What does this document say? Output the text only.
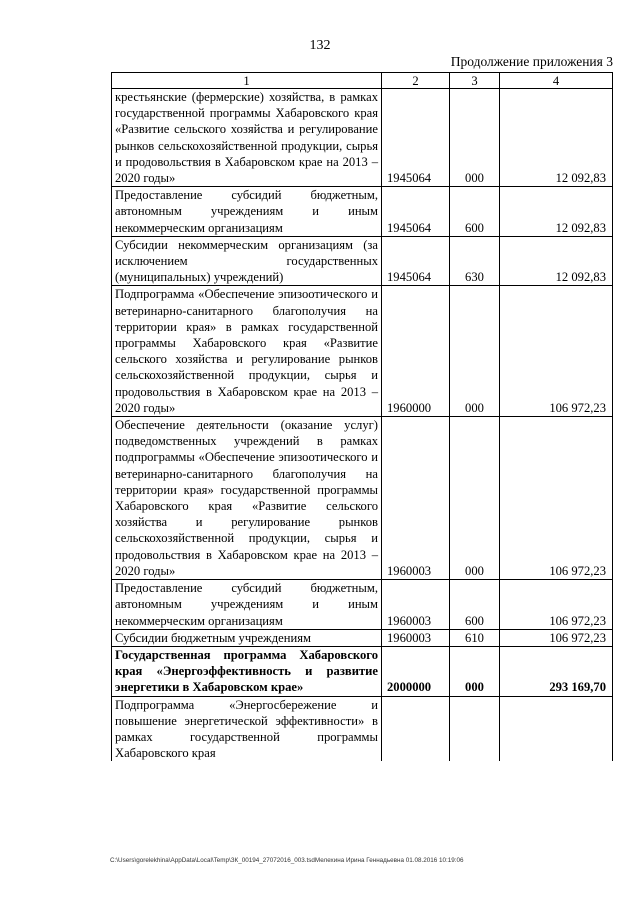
132
Продолжение приложения 3
1	2	3	4
крестьянские (фермерские) хозяйства, в рамках государственной программы Хабаровского края «Развитие сельского хозяйства и регулирование рынков сельскохозяйственной продукции, сырья и продовольствия в Хабаровском крае на 2013 – 2020 годы»	1945064	000	12 092,83
Предоставление субсидий бюджетным, автономным учреждениям и иным некоммерческим организациям	1945064	600	12 092,83
Субсидии некоммерческим организациям (за исключением государственных (муниципальных) учреждений)	1945064	630	12 092,83
Подпрограмма «Обеспечение эпизоотического и ветеринарно-санитарного благополучия на территории края» в рамках государственной программы Хабаровского края «Развитие сельского хозяйства и регулирование рынков сельскохозяйственной продукции, сырья и продовольствия в Хабаровском крае на 2013 – 2020 годы»	1960000	000	106 972,23
Обеспечение деятельности (оказание услуг) подведомственных учреждений в рамках подпрограммы «Обеспечение эпизоотического и ветеринарно-санитарного благополучия на территории края» государственной программы Хабаровского края «Развитие сельского хозяйства и регулирование рынков сельскохозяйственной продукции, сырья и продовольствия в Хабаровском крае на 2013 – 2020 годы»	1960003	000	106 972,23
Предоставление субсидий бюджетным, автономным учреждениям и иным некоммерческим организациям	1960003	600	106 972,23
Субсидии бюджетным учреждениям	1960003	610	106 972,23
Государственная программа Хабаровского края «Энергоэффективность и развитие энергетики в Хабаровском крае»	2000000	000	293 169,70
Подпрограмма «Энергосбережение и повышение энергетической эффективности» в рамках государственной программы Хабаровского края			
C:\Users\gorelekhina\AppData\Local\Temp\ЗК_00194_27072016_003.tsdМелехина Ирина Геннадьевна 01.08.2016 10:19:06
